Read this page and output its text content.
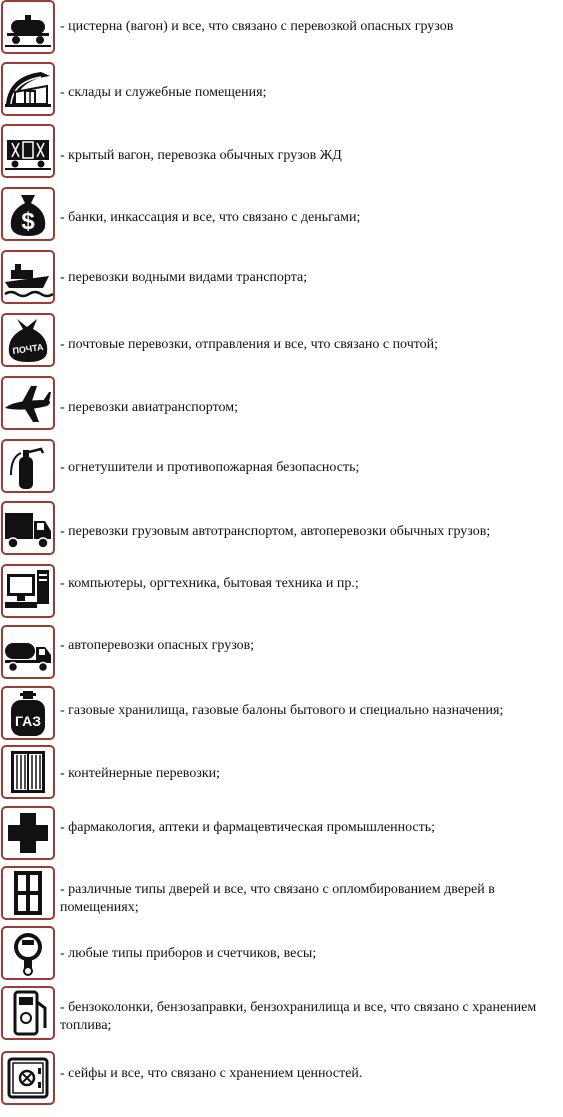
- цистерна (вагон) и все, что связано с перевозкой опасных грузов
- склады и служебные помещения;
- крытый вагон, перевозка обычных грузов ЖД
$ - банки, инкассация и все, что связано с деньгами;
- перевозки водными видами транспорта;
ПОЧТА - почтовые перевозки, отправления и все, что связано с почтой;
- перевозки авиатранспортом;
- огнетушители и противопожарная безопасность;
- перевозки грузовым автотранспортом, автоперевозки обычных грузов;
- компьютеры, оргтехника, бытовая техника и пр.;
- автоперевозки опасных грузов;
ГАЗ
- газовые хранилища, газовые балоны бытового и специально назначения;
- контейнерные перевозки;
- фармакология, аптеки и фармацевтическая промышленность;
- различные типы дверей и все, что связано с опломбированием дверей в помещениях;
- любые типы приборов и счетчиков, весы;
- бензоколонки, бензозаправки, бензохранилища и все, что связано с хранением топлива;
- сейфы и все, что связано с хранением ценностей.
